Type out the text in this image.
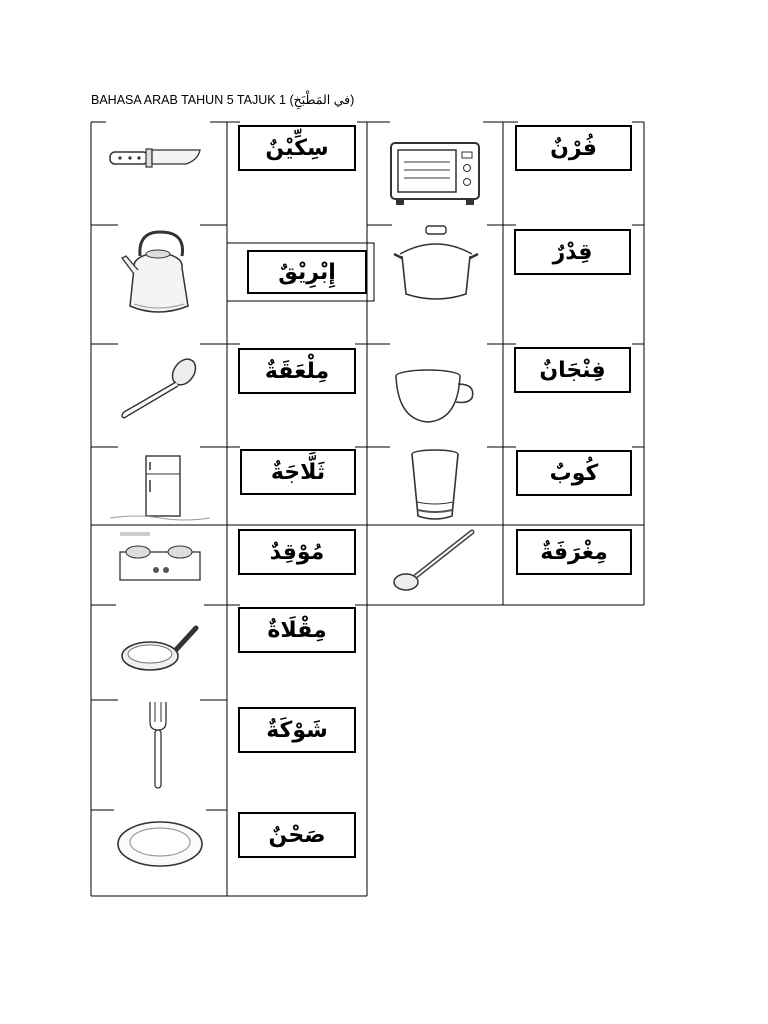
BAHASA ARAB TAHUN 5 TAJUK 1 (في المَطْبَخِ)
سِكِّيْنٌ
إِبْرِيْقٌ
مِلْعَقَةٌ
ثَلَّاجَةٌ
مُوْقِدٌ
مِقْلَاةٌ
شَوْكَةٌ
صَحْنٌ
فُرْنٌ
قِدْرٌ
فِنْجَانٌ
كُوبٌ
مِغْرَفَةٌ
